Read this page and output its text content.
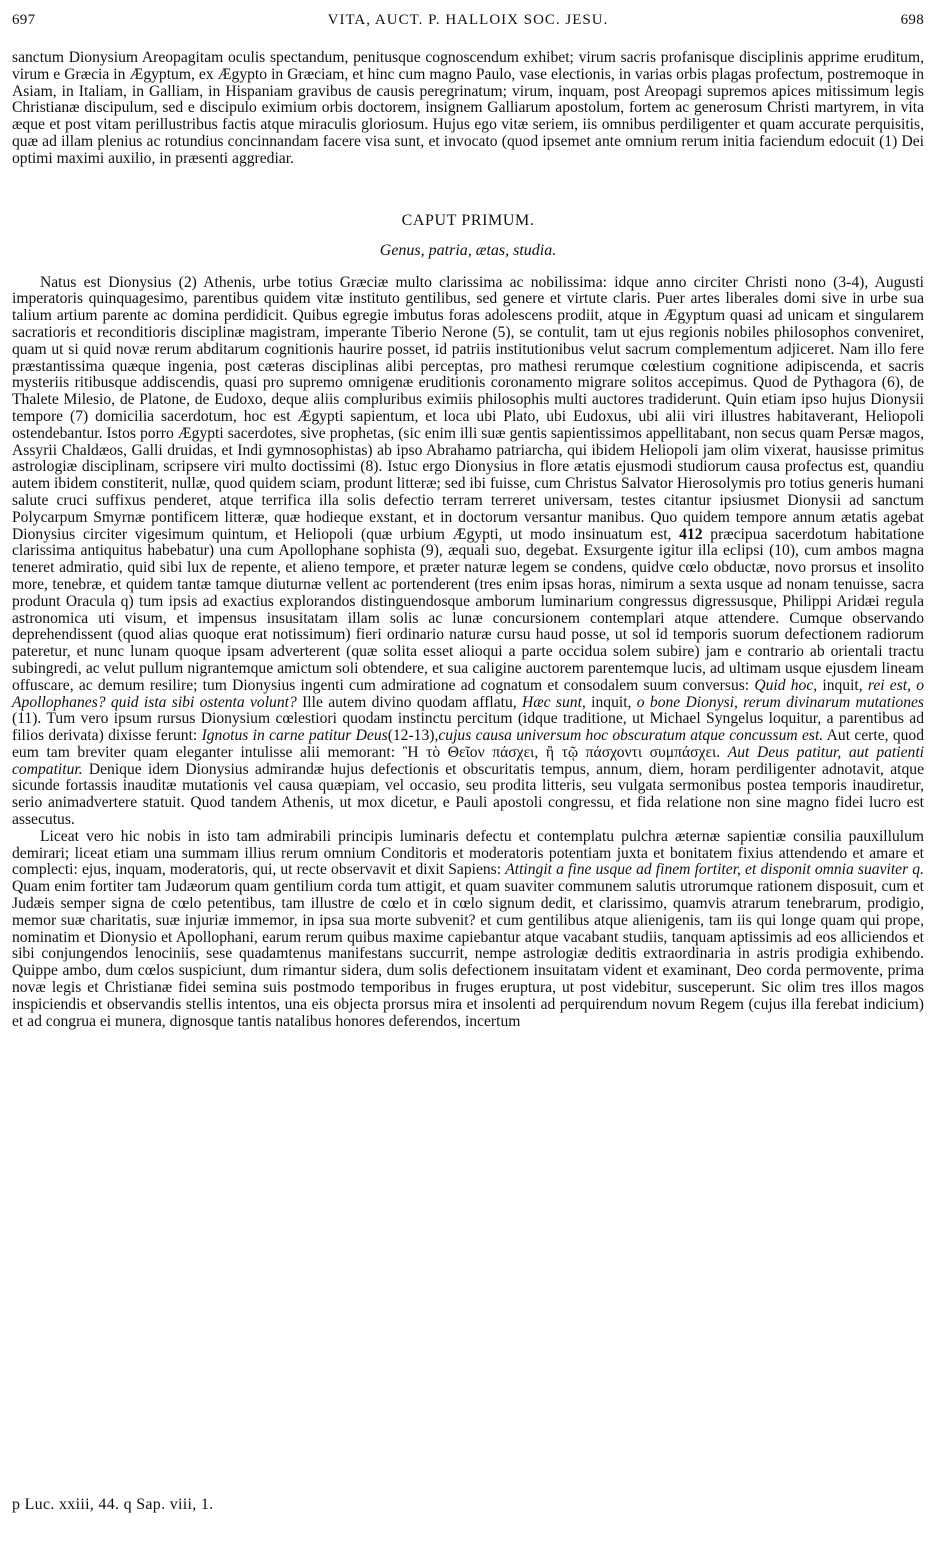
697	VITA, AUCT. P. HALLOIX SOC. JESU.	698

sanctum Dionysium Areopagitam oculis spectandum, penitusque cognoscendum exhibet; virum sacris profanisque disciplinis apprime eruditum, virum e Græcia in Ægyptum, ex Ægypto in Græciam, et hinc cum magno Paulo, vase electionis, in varias orbis plagas profectum, postremoque in Asiam, in Italiam, in Galliam, in Hispaniam gravibus de causis peregrinatum; virum, inquam, post Areopagi supremos apices mitissimum legis Christianæ discipulum, sed e discipulo eximium orbis doctorem, insignem Galliarum apostolum, fortem ac generosum Christi martyrem, in vita æque et post vitam perillustribus factis atque miraculis gloriosum. Hujus ego vitæ seriem, iis omnibus perdiligenter et quam accurate perquisitis, quæ ad illam plenius ac rotundius concinnandam facere visa sunt, et invocato (quod ipsemet ante omnium rerum initia faciendum edocuit (1) Dei optimi maximi auxilio, in præsenti aggrediar.

CAPUT PRIMUM.
Genus, patria, ætas, studia.

Natus est Dionysius (2) Athenis, urbe totius Græciæ multo clarissima ac nobilissima: idque anno circiter Christi nono (3-4), Augusti imperatoris quinquagesimo, parentibus quidem vitæ instituto gentilibus, sed genere et virtute claris. Puer artes liberales domi sive in urbe sua talium artium parente ac domina perdidicit. Quibus egregie imbutus foras adolescens prodiit, atque in Ægyptum quasi ad unicam et singularem sacratioris et reconditioris disciplinæ magistram, imperante Tiberio Nerone (5), se contulit, tam ut ejus regionis nobiles philosophos conveniret, quam ut si quid novæ rerum abditarum cognitionis haurire posset, id patriis institutionibus velut sacrum complementum adjiceret. Nam illo fere præstantissima quæque ingenia, post cæteras disciplinas alibi perceptas, pro mathesi rerumque cœlestium cognitione adipiscenda, et sacris mysteriis ritibusque addiscendis, quasi pro supremo omnigenæ eruditionis coronamento migrare solitos accepimus. Quod de Pythagora (6), de Thalete Milesio, de Platone, de Eudoxo, deque aliis compluribus eximiis philosophis multi auctores tradiderunt. Quin etiam ipso hujus Dionysii tempore (7) domicilia sacerdotum, hoc est Ægypti sapientum, et loca ubi Plato, ubi Eudoxus, ubi alii viri illustres habitaverant, Heliopoli ostendebantur. Istos porro Ægypti sacerdotes, sive prophetas, (sic enim illi suæ gentis sapientissimos appellitabant, non secus quam Persæ magos, Assyrii Chaldæos, Galli druidas, et Indi gymnosophistas) ab ipso Abrahamo patriarcha, qui ibidem Heliopoli jam olim vixerat, hausisse primitus astrologiæ disciplinam, scripsere viri multo doctissimi (8). Istuc ergo Dionysius in flore ætatis ejusmodi studiorum causa profectus est, quandiu autem ibidem constiterit, nullæ, quod quidem sciam, produnt litteræ; sed ibi fuisse, cum Christus Salvator Hierosolymis pro totius generis humani salute cruci suffixus penderet, atque terrifica illa solis defectio terram terreret universam, testes citantur ipsiusmet Dionysii ad sanctum Polycarpum Smyrnæ pontificem litteræ, quæ hodieque exstant, et in doctorum versantur manibus. Quo quidem tempore annum ætatis agebat Dionysius circiter vigesimum quintum, et Heliopoli (quæ urbium Ægypti, ut modo insinuatum est, 412 præcipua sacerdotum habitatione clarissima antiquitus habebatur) una cum Apollophane sophista (9), æquali suo, degebat. Exsurgente igitur illa eclipsi (10), cum ambos magna teneret admiratio, quid sibi lux de repente, et alieno tempore, et præter naturæ legem se condens, quidve cœlo obductæ, novo prorsus et insolito more, tenebræ, et quidem tantæ tamque diuturnæ vellent ac portenderent (tres enim ipsas horas, nimirum a sexta usque ad nonam tenuisse, sacra produnt Oracula q) tum ipsis ad exactius explorandos distinguendosque amborum luminarium congressus digressusque, Philippi Aridæi regula astronomica uti visum, et impensus insusitatam illam solis ac lunæ concursionem contemplari atque attendere. Cumque observando deprehendissent (quod alias quoque erat notissimum) fieri ordinario naturæ cursu haud posse, ut sol id temporis suorum defectionem radiorum pateretur, et nunc lunam quoque ipsam adverterent (quæ solita esset alioqui a parte occidua solem subire) jam e contrario ab orientali tractu subingredi, ac velut pullum nigrantemque amictum soli obtendere, et sua caligine auctorem parentemque lucis, ad ultimam usque ejusdem lineam offuscare, ac demum resilire; tum Dionysius ingenti cum admiratione ad cognatum et consodalem suum conversus: Quid hoc, inquit, rei est, o Apollophanes? quid ista sibi ostenta volunt? Ille autem divino quodam afflatu, Hæc sunt, inquit, o bone Dionysi, rerum divinarum mutationes (11). Tum vero ipsum rursus Dionysium cœlestiori quodam instinctu percitum (idque traditione, ut Michael Syngelus loquitur, a parentibus ad filios derivata) dixisse ferunt: Ignotus in carne patitur Deus(12-13),cujus causa universum hoc obscuratum atque concussum est. Aut certe, quod eum tam breviter quam eleganter intulisse alii memorant: Ἢ τὸ Θεῖον πάσχει, ἢ τῷ πάσχοντι συμπάσχει. Aut Deus patitur, aut patienti compatitur. Denique idem Dionysius admirandæ hujus defectionis et obscuritatis tempus, annum, diem, horam perdiligenter adnotavit, atque sicunde fortassis inauditæ mutationis vel causa quæpiam, vel occasio, seu prodita litteris, seu vulgata sermonibus postea temporis inaudiretur, serio animadvertere statuit. Quod tandem Athenis, ut mox dicetur, e Pauli apostoli congressu, et fida relatione non sine magno fidei lucro est assecutus.

Liceat vero hic nobis in isto tam admirabili principis luminaris defectu et contemplatu pulchra æternæ sapientiæ consilia pauxillulum demirari; liceat etiam una summam illius rerum omnium Conditoris et moderatoris potentiam juxta et bonitatem fixius attendendo et amare et complecti: ejus, inquam, moderatoris, qui, ut recte observavit et dixit Sapiens: Attingit a fine usque ad finem fortiter, et disponit omnia suaviter q. Quam enim fortiter tam Judæorum quam gentilium corda tum attigit, et quam suaviter communem salutis utrorumque rationem disposuit, cum et Judæis semper signa de cœlo petentibus, tam illustre de cœlo et in cœlo signum dedit, et clarissimo, quamvis atrarum tenebrarum, prodigio, memor suæ charitatis, suæ injuriæ immemor, in ipsa sua morte subvenit? et cum gentilibus atque alienigenis, tam iis qui longe quam qui prope, nominatim et Dionysio et Apollophani, earum rerum quibus maxime capiebantur atque vacabant studiis, tanquam aptissimis ad eos alliciendos et sibi conjungendos lenociniis, sese quadamtenus manifestans succurrit, nempe astrologiæ deditis extraordinaria in astris prodigia exhibendo. Quippe ambo, dum cœlos suspiciunt, dum rimantur sidera, dum solis defectionem insuitatam vident et examinant, Deo corda permovente, prima novæ legis et Christianæ fidei semina suis postmodo temporibus in fruges eruptura, ut post videbitur, susceperunt. Sic olim tres illos magos inspiciendis et observandis stellis intentos, una eis objecta prorsus mira et insolenti ad perquirendum novum Regem (cujus illa ferebat indicium) et ad congrua ei munera, dignosque tantis natalibus honores deferendos, incertum

p Luc. xxiii, 44. q Sap. viii, 1.
